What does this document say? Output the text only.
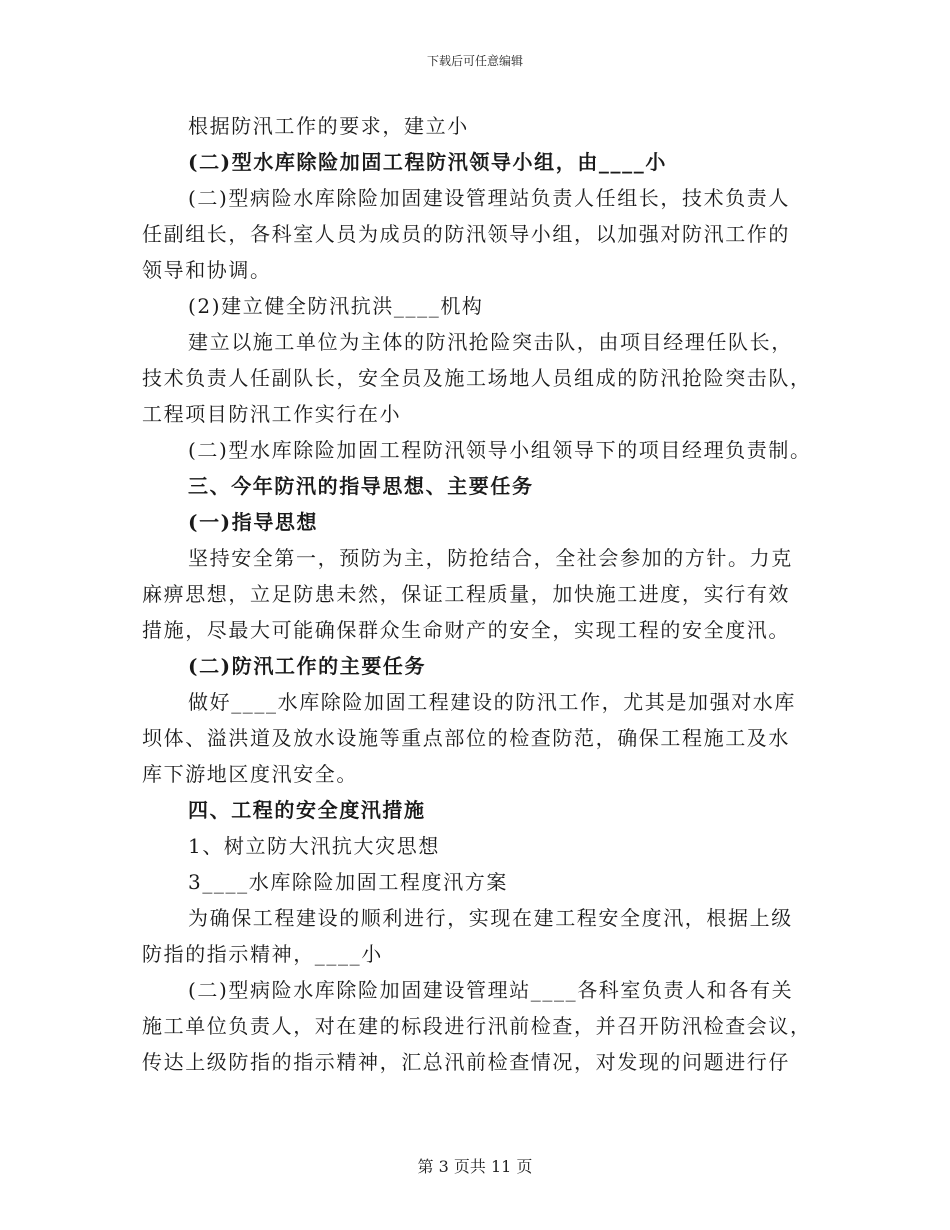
下载后可任意编辑
根据防汛工作的要求，建立小
(二)型水库除险加固工程防汛领导小组，由____小
(二)型病险水库除险加固建设管理站负责人任组长，技术负责人
任副组长，各科室人员为成员的防汛领导小组，以加强对防汛工作的
领导和协调。
(2)建立健全防汛抗洪____机构
建立以施工单位为主体的防汛抢险突击队，由项目经理任队长，
技术负责人任副队长，安全员及施工场地人员组成的防汛抢险突击队，
工程项目防汛工作实行在小
(二)型水库除险加固工程防汛领导小组领导下的项目经理负责制。
三、今年防汛的指导思想、主要任务
(一)指导思想
坚持安全第一，预防为主，防抢结合，全社会参加的方针。力克
麻痹思想，立足防患未然，保证工程质量，加快施工进度，实行有效
措施，尽最大可能确保群众生命财产的安全，实现工程的安全度汛。
(二)防汛工作的主要任务
做好____水库除险加固工程建设的防汛工作，尤其是加强对水库
坝体、溢洪道及放水设施等重点部位的检查防范，确保工程施工及水
库下游地区度汛安全。
四、工程的安全度汛措施
1、树立防大汛抗大灾思想
3____水库除险加固工程度汛方案
为确保工程建设的顺利进行，实现在建工程安全度汛，根据上级
防指的指示精神，____小
(二)型病险水库除险加固建设管理站____各科室负责人和各有关
施工单位负责人，对在建的标段进行汛前检查，并召开防汛检查会议，
传达上级防指的指示精神，汇总汛前检查情况，对发现的问题进行仔
第 3 页共 11 页
